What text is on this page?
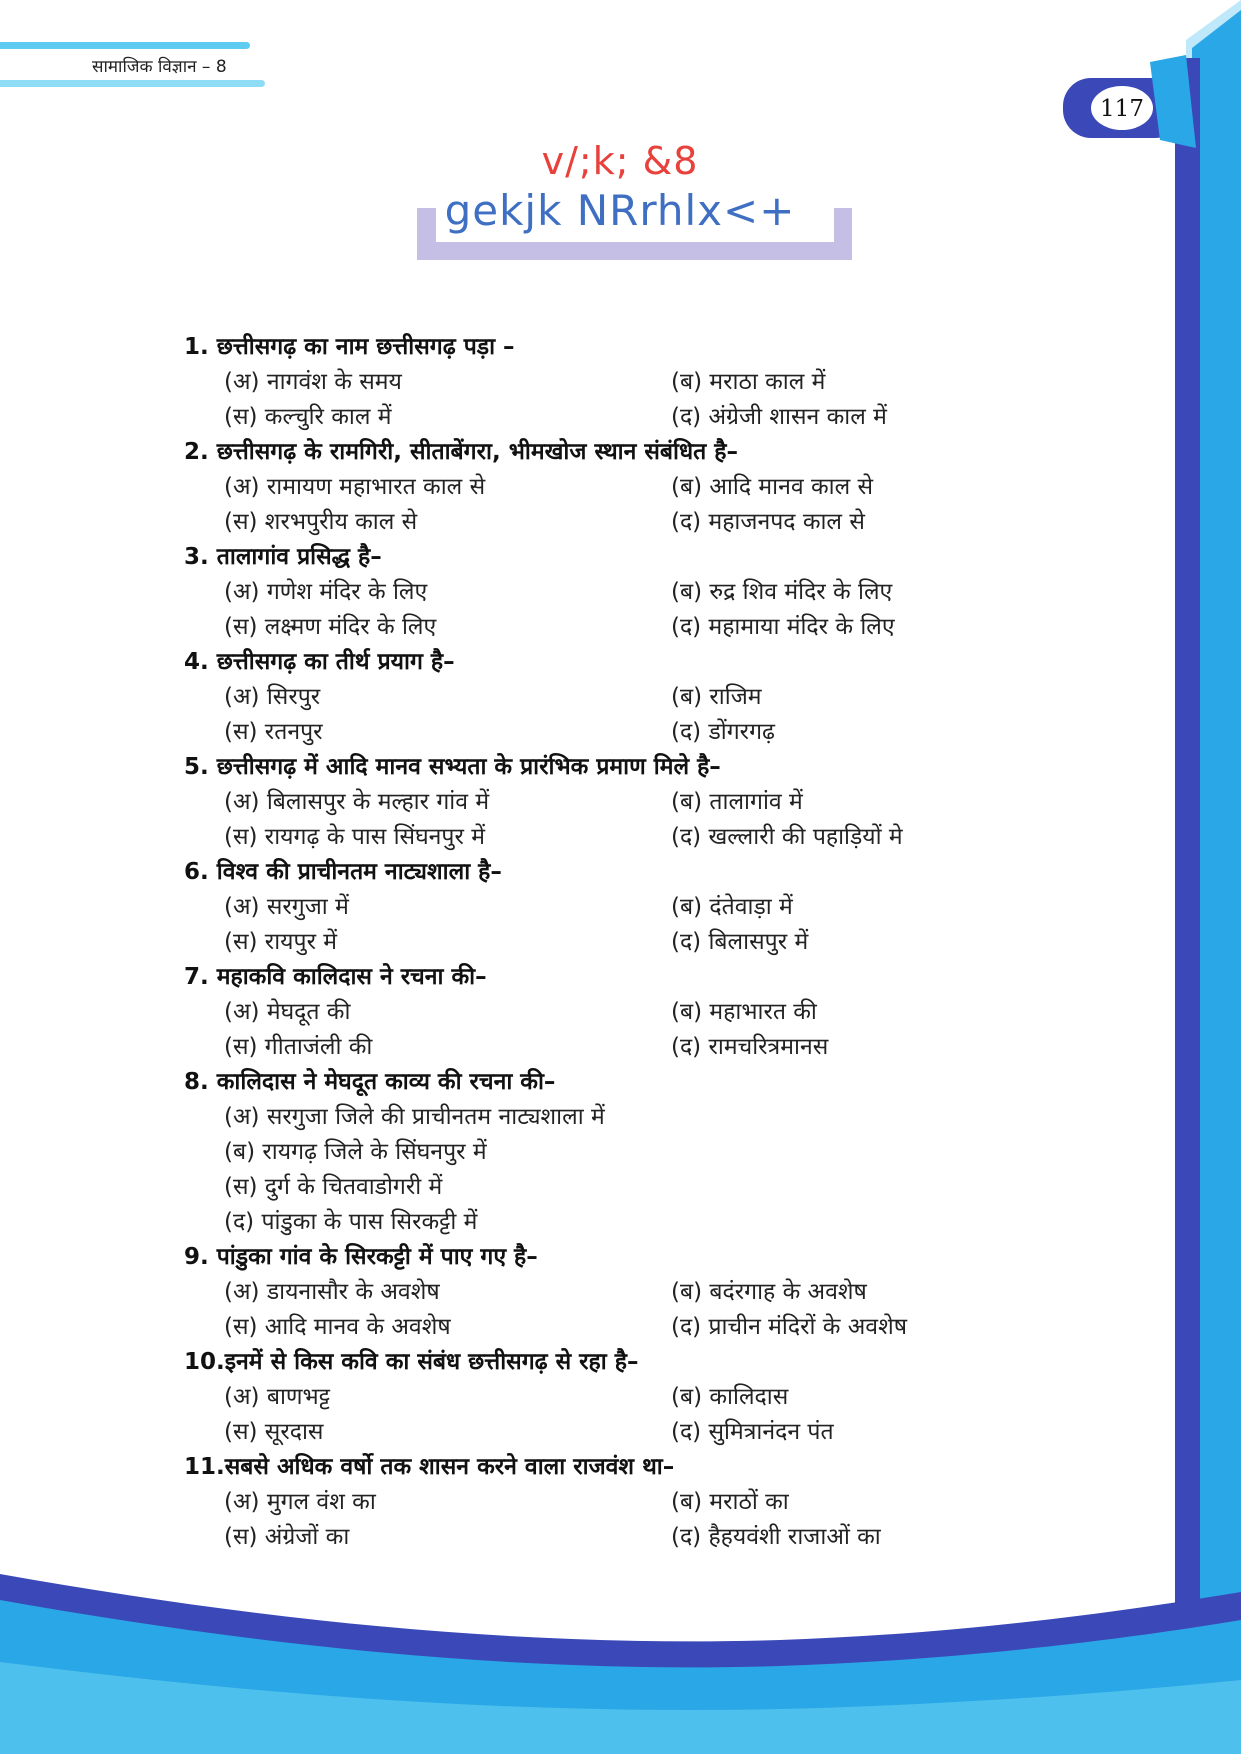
सामाजिक विज्ञान – 8
117
v/;k; &8
gekjk NRrhlx<+
1. छत्तीसगढ़ का नाम छत्तीसगढ़ पड़ा –
(अ) नागवंश के समय	(ब) मराठा काल में
(स) कल्चुरि काल में	(द) अंग्रेजी शासन काल में
2. छत्तीसगढ़ के रामगिरी, सीताबेंगरा, भीमखोज स्थान संबंधित है–
(अ) रामायण महाभारत काल से	(ब) आदि मानव काल से
(स) शरभपुरीय काल से	(द) महाजनपद काल से
3. तालागांव प्रसिद्ध है–
(अ) गणेश मंदिर के लिए	(ब) रुद्र शिव मंदिर के लिए
(स) लक्ष्मण मंदिर के लिए	(द) महामाया मंदिर के लिए
4. छत्तीसगढ़ का तीर्थ प्रयाग है–
(अ) सिरपुर	(ब) राजिम
(स) रतनपुर	(द) डोंगरगढ़
5. छत्तीसगढ़ में आदि मानव सभ्यता के प्रारंभिक प्रमाण मिले है–
(अ) बिलासपुर के मल्हार गांव में	(ब) तालागांव में
(स) रायगढ़ के पास सिंघनपुर में	(द) खल्लारी की पहाड़ियों मे
6. विश्व की प्राचीनतम नाट्यशाला है–
(अ) सरगुजा में	(ब) दंतेवाड़ा में
(स) रायपुर में	(द) बिलासपुर में
7. महाकवि कालिदास ने रचना की–
(अ) मेघदूत की	(ब) महाभारत की
(स) गीताजंली की	(द) रामचरित्रमानस
8. कालिदास ने मेघदूत काव्य की रचना की–
(अ) सरगुजा जिले की प्राचीनतम नाट्यशाला में
(ब) रायगढ़ जिले के सिंघनपुर में
(स) दुर्ग के चितवाडोगरी में
(द) पांडुका के पास सिरकट्टी में
9. पांडुका गांव के सिरकट्टी में पाए गए है–
(अ) डायनासौर के अवशेष	(ब) बदंरगाह के अवशेष
(स) आदि मानव के अवशेष	(द) प्राचीन मंदिरों के अवशेष
10.इनमें से किस कवि का संबंध छत्तीसगढ़ से रहा है–
(अ) बाणभट्ट	(ब) कालिदास
(स) सूरदास	(द) सुमित्रानंदन पंत
11.सबसे अधिक वर्षो तक शासन करने वाला राजवंश था–
(अ) मुगल वंश का	(ब) मराठों का
(स) अंग्रेजों का	(द) हैहयवंशी राजाओं का
